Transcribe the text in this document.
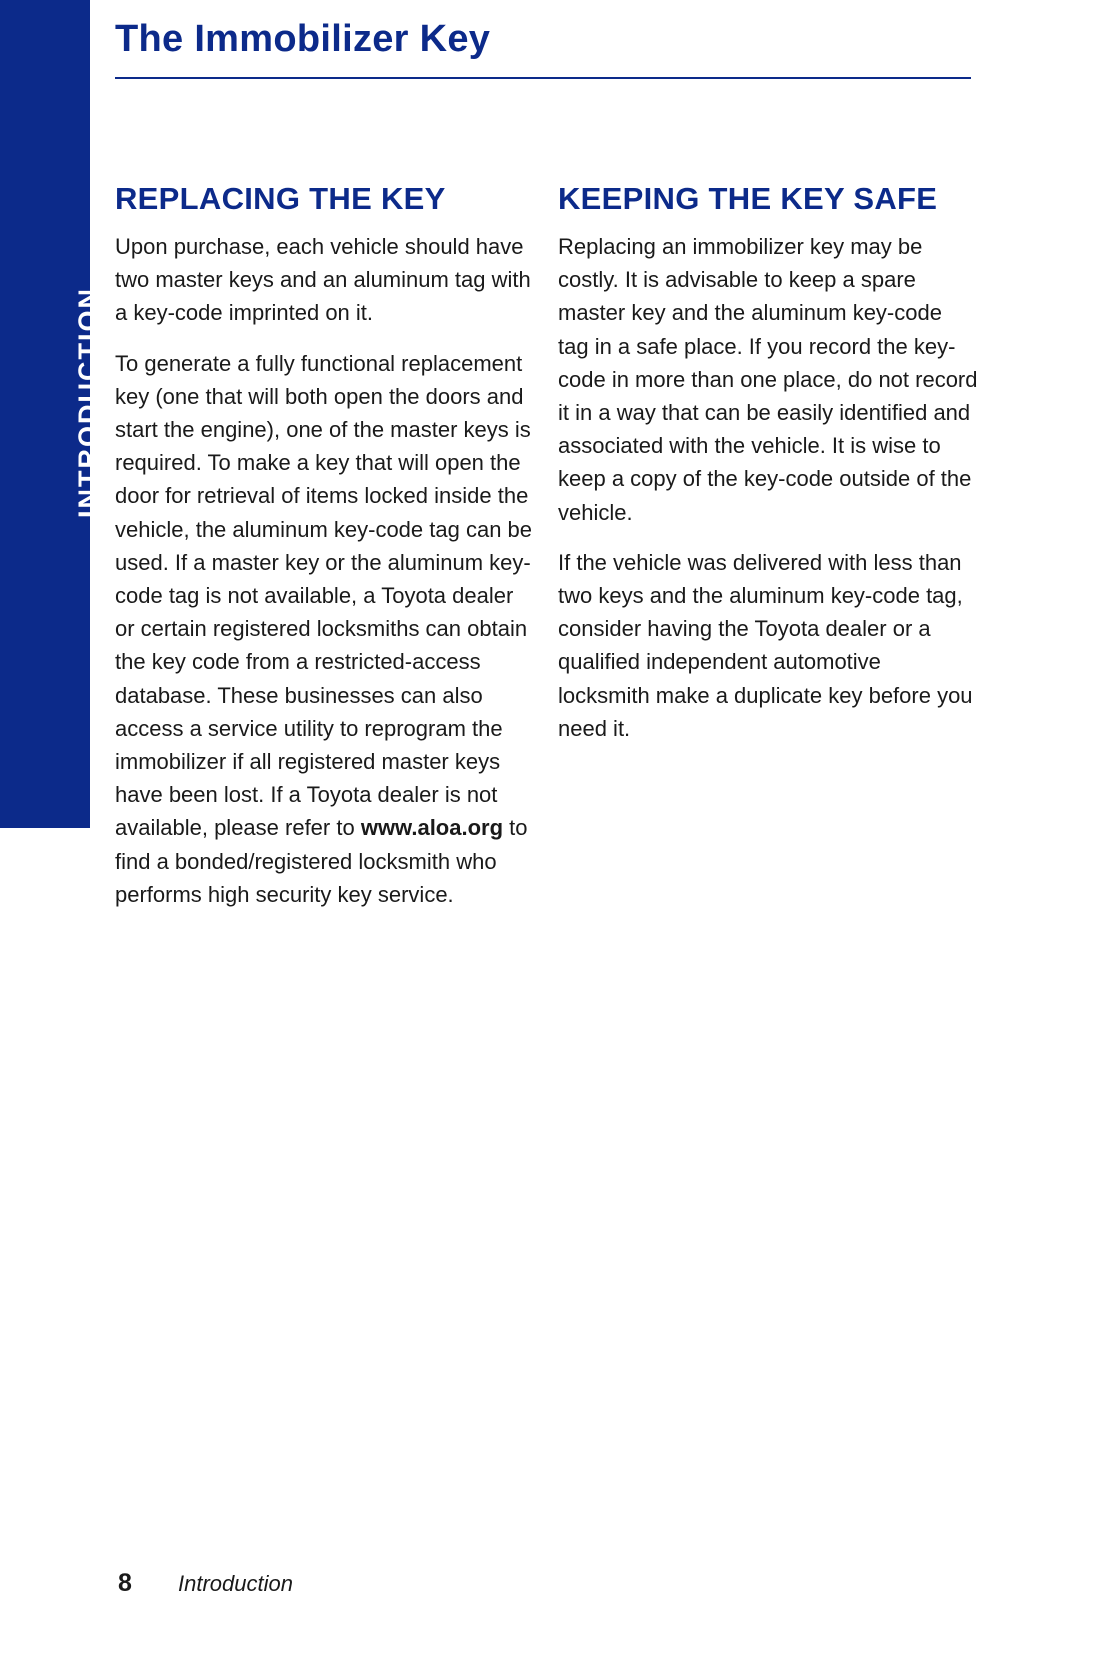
INTRODUCTION
The Immobilizer Key
REPLACING THE KEY

Upon purchase, each vehicle should have two master keys and an aluminum tag with a key-code imprinted on it.

To generate a fully functional replacement key (one that will both open the doors and start the engine), one of the master keys is required. To make a key that will open the door for retrieval of items locked inside the vehicle, the aluminum key-code tag can be used. If a master key or the aluminum key-code tag is not available, a Toyota dealer or certain registered locksmiths can obtain the key code from a restricted-access database. These businesses can also access a service utility to reprogram the immobilizer if all registered master keys have been lost. If a Toyota dealer is not available, please refer to www.aloa.org to find a bonded/registered locksmith who performs high security key service.

KEEPING THE KEY SAFE

Replacing an immobilizer key may be costly. It is advisable to keep a spare master key and the aluminum key-code tag in a safe place. If you record the key-code in more than one place, do not record it in a way that can be easily identified and associated with the vehicle. It is wise to keep a copy of the key-code outside of the vehicle.

If the vehicle was delivered with less than two keys and the aluminum key-code tag, consider having the Toyota dealer or a qualified independent automotive locksmith make a duplicate key before you need it.

8 Introduction
